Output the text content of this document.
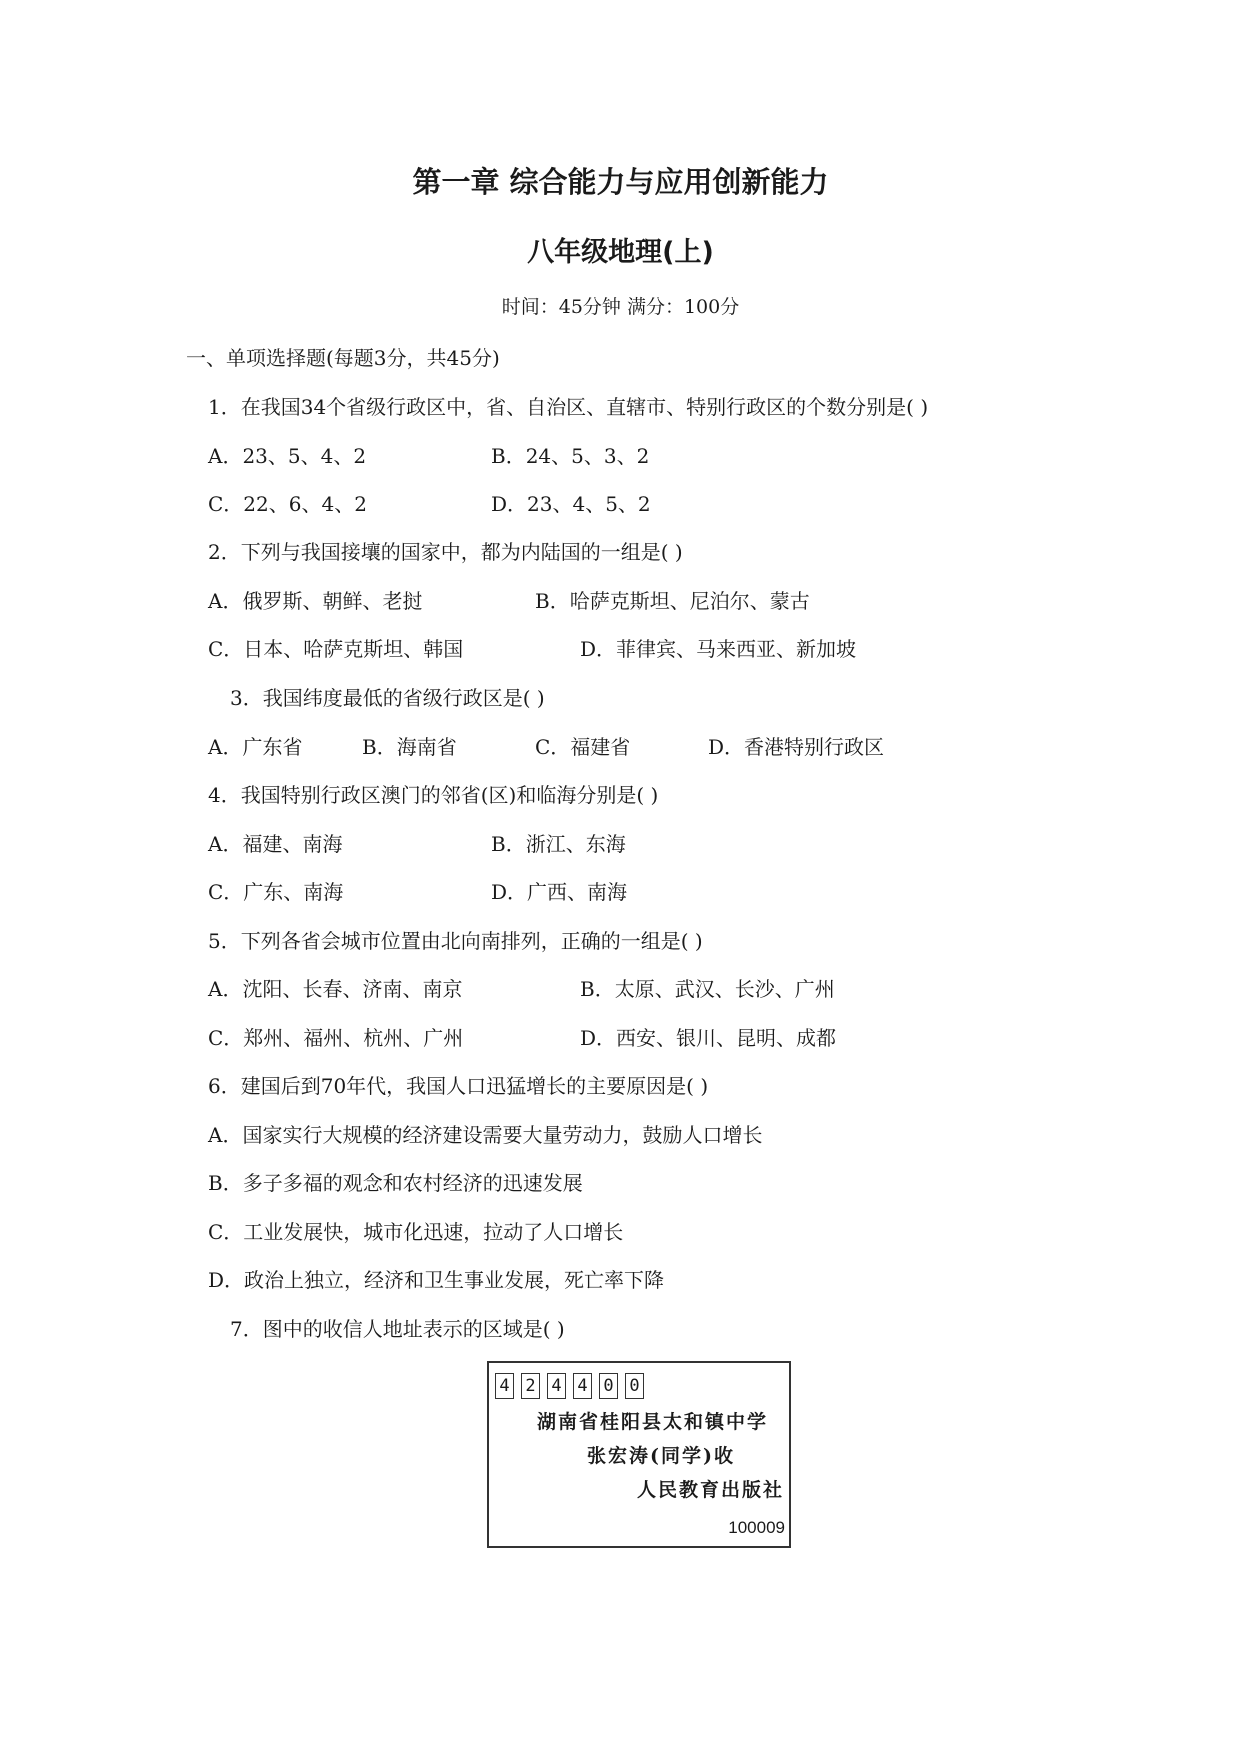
第一章 综合能力与应用创新能力
八年级地理(上)
时间：45分钟 满分：100分
一、单项选择题(每题3分，共45分)
1．在我国34个省级行政区中，省、自治区、直辖市、特别行政区的个数分别是( )
A．23、5、4、2	B．24、5、3、2
C．22、6、4、2	D．23、4、5、2
2．下列与我国接壤的国家中，都为内陆国的一组是( )
A．俄罗斯、朝鲜、老挝	B．哈萨克斯坦、尼泊尔、蒙古
C．日本、哈萨克斯坦、韩国	D．菲律宾、马来西亚、新加坡
3．我国纬度最低的省级行政区是( )
A．广东省	B．海南省	C．福建省	D．香港特别行政区
4．我国特别行政区澳门的邻省(区)和临海分别是( )
A．福建、南海	B．浙江、东海
C．广东、南海	D．广西、南海
5．下列各省会城市位置由北向南排列，正确的一组是( )
A．沈阳、长春、济南、南京	B．太原、武汉、长沙、广州
C．郑州、福州、杭州、广州	D．西安、银川、昆明、成都
6．建国后到70年代，我国人口迅猛增长的主要原因是( )
A．国家实行大规模的经济建设需要大量劳动力，鼓励人口增长
B．多子多福的观念和农村经济的迅速发展
C．工业发展快，城市化迅速，拉动了人口增长
D．政治上独立，经济和卫生事业发展，死亡率下降
7．图中的收信人地址表示的区域是( )
4 2 4 4 0 0
湖南省桂阳县太和镇中学
张宏涛(同学)收
人民教育出版社
100009
